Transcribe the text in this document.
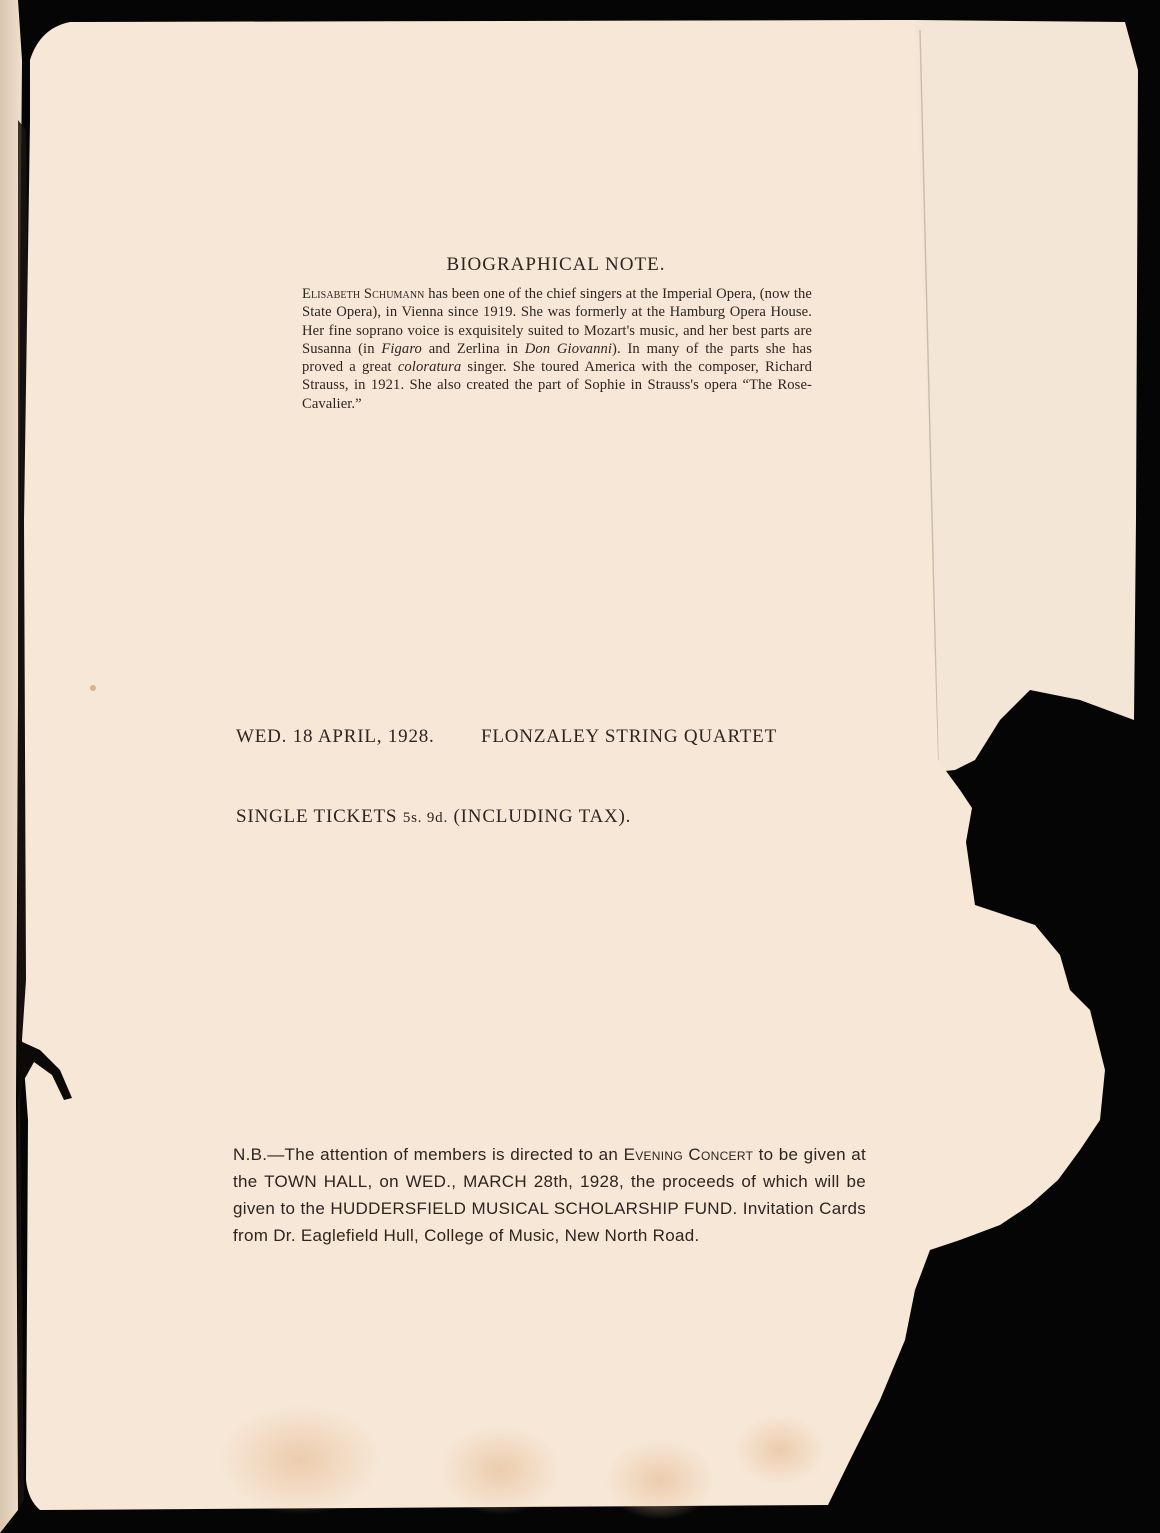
BIOGRAPHICAL NOTE.
Elisabeth Schumann has been one of the chief singers at the Imperial Opera, (now the State Opera), in Vienna since 1919. She was formerly at the Hamburg Opera House. Her fine soprano voice is exquisitely suited to Mozart's music, and her best parts are Susanna (in Figaro and Zerlina in Don Giovanni). In many of the parts she has proved a great coloratura singer. She toured America with the composer, Richard Strauss, in 1921. She also created the part of Sophie in Strauss's opera “The Rose-Cavalier.”
WED. 18 APRIL, 1928. FLONZALEY STRING QUARTET
SINGLE TICKETS 5s. 9d. (INCLUDING TAX).
N.B.—The attention of members is directed to an Evening Concert to be given at the TOWN HALL, on WED., MARCH 28th, 1928, the proceeds of which will be given to the HUDDERSFIELD MUSICAL SCHOLARSHIP FUND. Invitation Cards from Dr. Eaglefield Hull, College of Music, New North Road.
